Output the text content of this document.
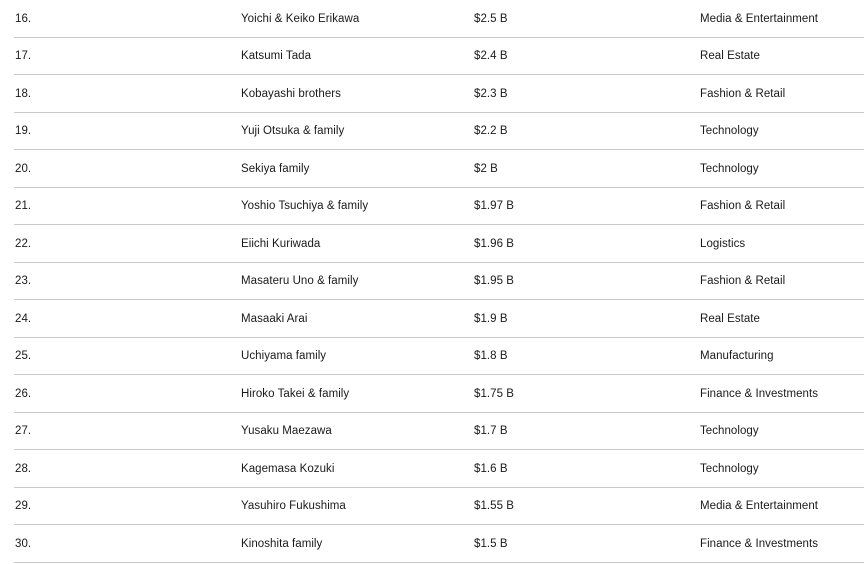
16.	Yoichi & Keiko Erikawa	$2.5 B	Media & Entertainment
17.	Katsumi Tada	$2.4 B	Real Estate
18.	Kobayashi brothers	$2.3 B	Fashion & Retail
19.	Yuji Otsuka & family	$2.2 B	Technology
20.	Sekiya family	$2 B	Technology
21.	Yoshio Tsuchiya & family	$1.97 B	Fashion & Retail
22.	Eiichi Kuriwada	$1.96 B	Logistics
23.	Masateru Uno & family	$1.95 B	Fashion & Retail
24.	Masaaki Arai	$1.9 B	Real Estate
25.	Uchiyama family	$1.8 B	Manufacturing
26.	Hiroko Takei & family	$1.75 B	Finance & Investments
27.	Yusaku Maezawa	$1.7 B	Technology
28.	Kagemasa Kozuki	$1.6 B	Technology
29.	Yasuhiro Fukushima	$1.55 B	Media & Entertainment
30.	Kinoshita family	$1.5 B	Finance & Investments
